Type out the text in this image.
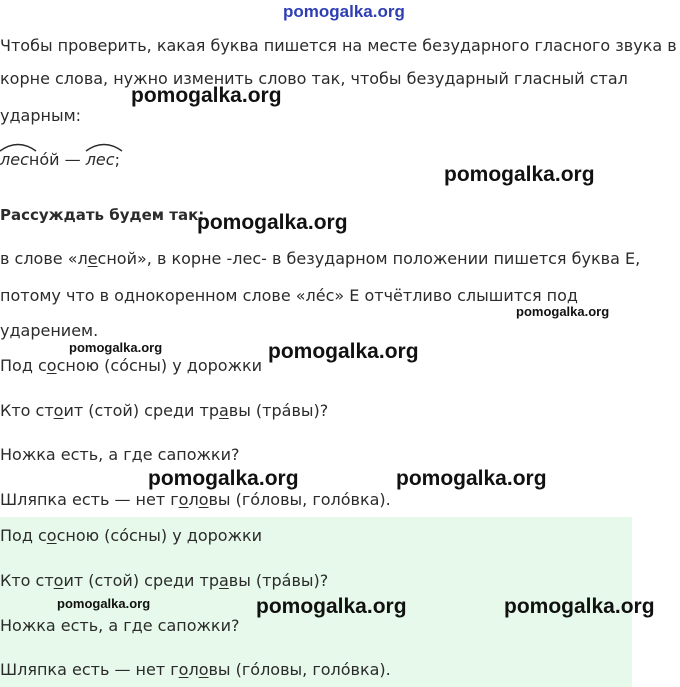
pomogalka.org
Чтобы проверить, какая буква пишется на месте безударного гласного звука в
корне слова, нужно изменить слово так, чтобы безударный гласный стал
ударным:
лесно́й — лес;
Рассуждать будем так:
в слове «лесной», в корне -лес- в безударном положении пишется буква Е,
потому что в однокоренном слове «ле́с» Е отчётливо слышится под
ударением.
Под сосною (со́сны) у дорожки
Кто стоит (стой) среди травы (тра́вы)?
Ножка есть, а где сапожки?
Шляпка есть — нет головы (го́ловы, голо́вка).
Под сосною (со́сны) у дорожки
Кто стоит (стой) среди травы (тра́вы)?
Ножка есть, а где сапожки?
Шляпка есть — нет головы (го́ловы, голо́вка).
pomogalka.org
pomogalka.org
pomogalka.org
pomogalka.org
pomogalka.org	pomogalka.org
pomogalka.org	pomogalka.org
pomogalka.org	pomogalka.org	pomogalka.org
